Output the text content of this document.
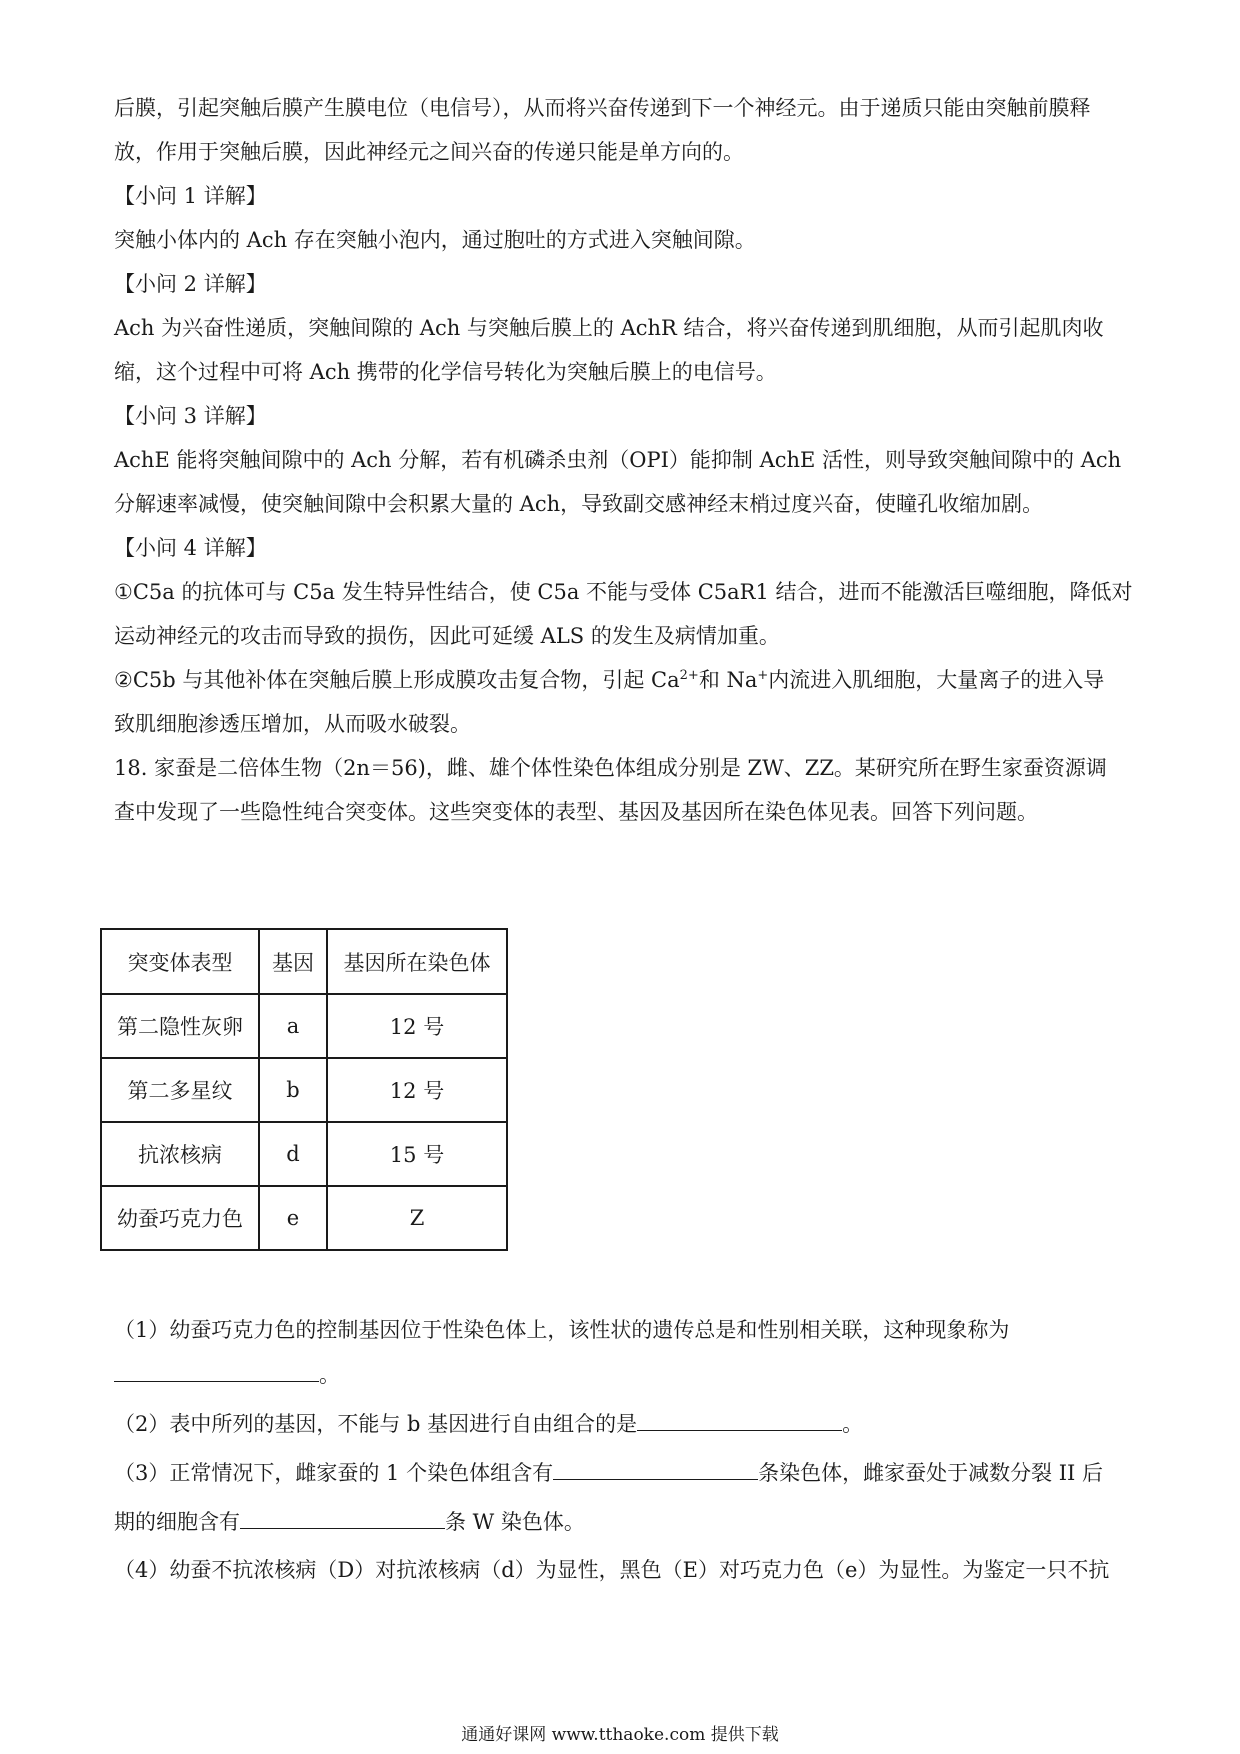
后膜，引起突触后膜产生膜电位（电信号），从而将兴奋传递到下一个神经元。由于递质只能由突触前膜释
放，作用于突触后膜，因此神经元之间兴奋的传递只能是单方向的。
【小问 1 详解】
突触小体内的 Ach 存在突触小泡内，通过胞吐的方式进入突触间隙。
【小问 2 详解】
Ach 为兴奋性递质，突触间隙的 Ach 与突触后膜上的 AchR 结合，将兴奋传递到肌细胞，从而引起肌肉收
缩，这个过程中可将 Ach 携带的化学信号转化为突触后膜上的电信号。
【小问 3 详解】
AchE 能将突触间隙中的 Ach 分解，若有机磷杀虫剂（OPI）能抑制 AchE 活性，则导致突触间隙中的 Ach
分解速率减慢，使突触间隙中会积累大量的 Ach，导致副交感神经末梢过度兴奋，使瞳孔收缩加剧。
【小问 4 详解】
①C5a 的抗体可与 C5a 发生特异性结合，使 C5a 不能与受体 C5aR1 结合，进而不能激活巨噬细胞，降低对
运动神经元的攻击而导致的损伤，因此可延缓 ALS 的发生及病情加重。
②C5b 与其他补体在突触后膜上形成膜攻击复合物，引起 $Ca^{2+}$和 Na+内流进入肌细胞，大量离子的进入导
致肌细胞渗透压增加，从而吸水破裂。
18. 家蚕是二倍体生物（2n＝56)，雌、雄个体性染色体组成分别是 ZW、ZZ。某研究所在野生家蚕资源调
查中发现了一些隐性纯合突变体。这些突变体的表型、基因及基因所在染色体见表。回答下列问题。
突变体表型	基因	基因所在染色体
第二隐性灰卵	a	12 号
第二多星纹	b	12 号
抗浓核病	d	15 号
幼蚕巧克力色	e	Z
（1）幼蚕巧克力色的控制基因位于性染色体上，该性状的遗传总是和性别相关联，这种现象称为
。
（2）表中所列的基因，不能与 b 基因进行自由组合的是	。
（3）正常情况下，雌家蚕的 1 个染色体组含有	条染色体，雌家蚕处于减数分裂 II 后
期的细胞含有	条 W 染色体。
（4）幼蚕不抗浓核病（D）对抗浓核病（d）为显性，黑色（E）对巧克力色（e）为显性。为鉴定一只不抗
通通好课网 www.tthaoke.com 提供下载
